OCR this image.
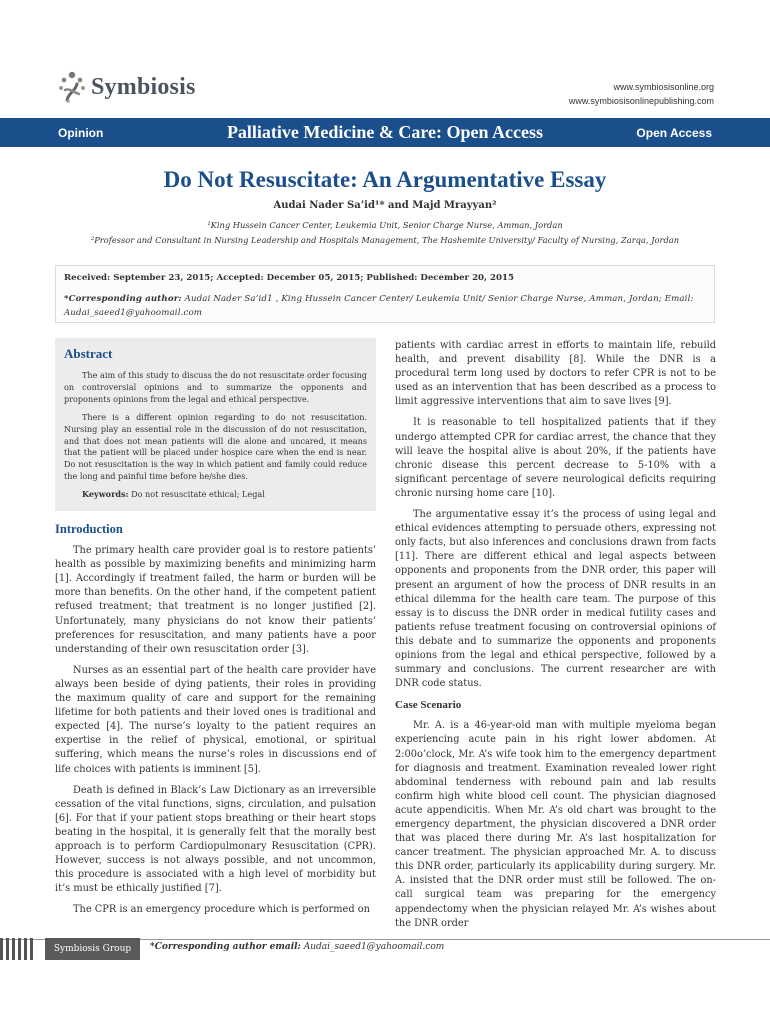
Symbiosis	www.symbiosisonline.org
www.symbiosisonlinepublishing.com
Opinion	Palliative Medicine & Care: Open Access	Open Access
Do Not Resuscitate: An Argumentative Essay
Audai Nader Sa’id¹* and Majd Mrayyan²
¹King Hussein Cancer Center, Leukemia Unit, Senior Charge Nurse, Amman, Jordan
²Professor and Consultant in Nursing Leadership and Hospitals Management, The Hashemite University/ Faculty of Nursing, Zarqa, Jordan
Received: September 23, 2015; Accepted: December 05, 2015; Published: December 20, 2015
*Corresponding author: Audai Nader Sa’id1 , King Hussein Cancer Center/ Leukemia Unit/ Senior Charge Nurse, Amman, Jordan; Email: Audai_saeed1@yahoomail.com
Abstract

The aim of this study to discuss the do not resuscitate order focusing on controversial opinions and to summarize the opponents and proponents opinions from the legal and ethical perspective.

There is a different opinion regarding to do not resuscitation. Nursing play an essential role in the discussion of do not resuscitation, and that does not mean patients will die alone and uncared, it means that the patient will be placed under hospice care when the end is near. Do not resuscitation is the way in which patient and family could reduce the long and painful time before he/she dies.

Keywords: Do not resuscitate ethical; Legal

Introduction

The primary health care provider goal is to restore patients’ health as possible by maximizing benefits and minimizing harm [1]. Accordingly if treatment failed, the harm or burden will be more than benefits. On the other hand, if the competent patient refused treatment; that treatment is no longer justified [2]. Unfortunately, many physicians do not know their patients’ preferences for resuscitation, and many patients have a poor understanding of their own resuscitation order [3].

Nurses as an essential part of the health care provider have always been beside of dying patients, their roles in providing the maximum quality of care and support for the remaining lifetime for both patients and their loved ones is traditional and expected [4]. The nurse’s loyalty to the patient requires an expertise in the relief of physical, emotional, or spiritual suffering, which means the nurse’s roles in discussions end of life choices with patients is imminent [5].

Death is defined in Black’s Law Dictionary as an irreversible cessation of the vital functions, signs, circulation, and pulsation [6]. For that if your patient stops breathing or their heart stops beating in the hospital, it is generally felt that the morally best approach is to perform Cardiopulmonary Resuscitation (CPR). However, success is not always possible, and not uncommon, this procedure is associated with a high level of morbidity but it’s must be ethically justified [7].

The CPR is an emergency procedure which is performed on

patients with cardiac arrest in efforts to maintain life, rebuild health, and prevent disability [8]. While the DNR is a procedural term long used by doctors to refer CPR is not to be used as an intervention that has been described as a process to limit aggressive interventions that aim to save lives [9].

It is reasonable to tell hospitalized patients that if they undergo attempted CPR for cardiac arrest, the chance that they will leave the hospital alive is about 20%, if the patients have chronic disease this percent decrease to 5-10% with a significant percentage of severe neurological deficits requiring chronic nursing home care [10].

The argumentative essay it’s the process of using legal and ethical evidences attempting to persuade others, expressing not only facts, but also inferences and conclusions drawn from facts [11]. There are different ethical and legal aspects between opponents and proponents from the DNR order, this paper will present an argument of how the process of DNR results in an ethical dilemma for the health care team. The purpose of this essay is to discuss the DNR order in medical futility cases and patients refuse treatment focusing on controversial opinions of this debate and to summarize the opponents and proponents opinions from the legal and ethical perspective, followed by a summary and conclusions. The current researcher are with DNR code status.

Case Scenario

Mr. A. is a 46-year-old man with multiple myeloma began experiencing acute pain in his right lower abdomen. At 2:00o’clock, Mr. A’s wife took him to the emergency department for diagnosis and treatment. Examination revealed lower right abdominal tenderness with rebound pain and lab results confirm high white blood cell count. The physician diagnosed acute appendicitis. When Mr. A’s old chart was brought to the emergency department, the physician discovered a DNR order that was placed there during Mr. A’s last hospitalization for cancer treatment. The physician approached Mr. A. to discuss this DNR order, particularly its applicability during surgery. Mr. A. insisted that the DNR order must still be followed. The on-call surgical team was preparing for the emergency appendectomy when the physician relayed Mr. A’s wishes about the DNR order

Symbiosis Group	*Corresponding author email: Audai_saeed1@yahoomail.com
